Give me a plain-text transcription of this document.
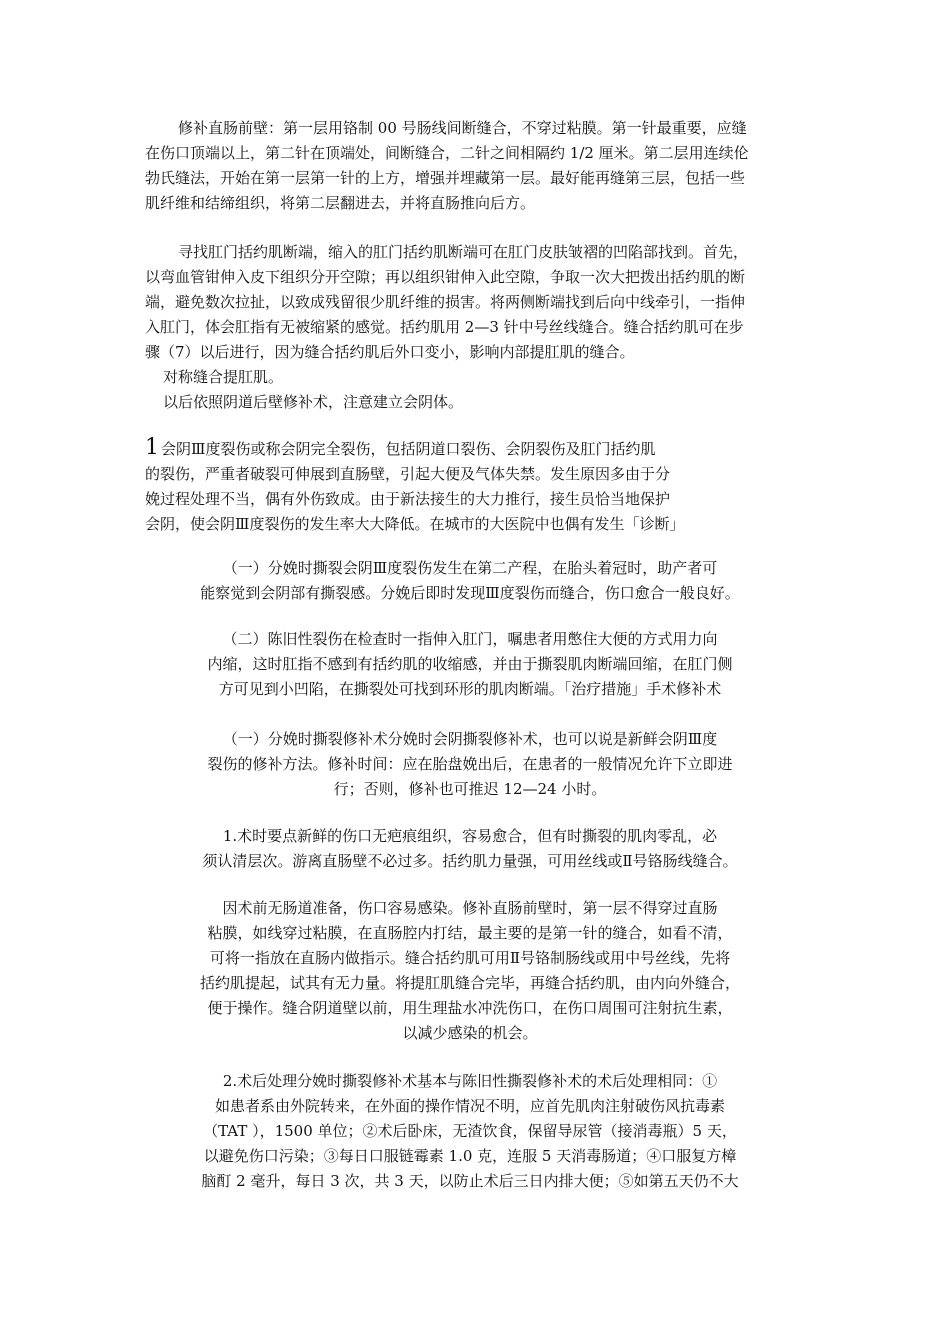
修补直肠前壁：第一层用铬制 00 号肠线间断缝合，不穿过粘膜。第一针最重要，应缝
在伤口顶端以上，第二针在顶端处，间断缝合，二针之间相隔约 1/2 厘米。第二层用连续伦
勃氏缝法，开始在第一层第一针的上方，增强并埋藏第一层。最好能再缝第三层，包括一些
肌纤维和结缔组织，将第二层翻进去，并将直肠推向后方。
寻找肛门括约肌断端，缩入的肛门括约肌断端可在肛门皮肤皱褶的凹陷部找到。首先，
以弯血管钳伸入皮下组织分开空隙；再以组织钳伸入此空隙，争取一次大把拨出括约肌的断
端，避免数次拉扯，以致成残留很少肌纤维的损害。将两侧断端找到后向中线牵引，一指伸
入肛门，体会肛指有无被缩紧的感觉。括约肌用 2—3 针中号丝线缝合。缝合括约肌可在步
骤（7）以后进行，因为缝合括约肌后外口变小，影响内部提肛肌的缝合。
对称缝合提肛肌。
以后依照阴道后壁修补术，注意建立会阴体。
1 会阴Ⅲ度裂伤或称会阴完全裂伤，包括阴道口裂伤、会阴裂伤及肛门括约肌
的裂伤，严重者破裂可伸展到直肠壁，引起大便及气体失禁。发生原因多由于分
娩过程处理不当，偶有外伤致成。由于新法接生的大力推行，接生员恰当地保护
会阴，使会阴Ⅲ度裂伤的发生率大大降低。在城市的大医院中也偶有发生「诊断」
（一）分娩时撕裂会阴Ⅲ度裂伤发生在第二产程，在胎头着冠时，助产者可
能察觉到会阴部有撕裂感。分娩后即时发现Ⅲ度裂伤而缝合，伤口愈合一般良好。
（二）陈旧性裂伤在检查时一指伸入肛门，嘱患者用憋住大便的方式用力向
内缩，这时肛指不感到有括约肌的收缩感，并由于撕裂肌肉断端回缩，在肛门侧
方可见到小凹陷，在撕裂处可找到环形的肌肉断端。「治疗措施」手术修补术
（一）分娩时撕裂修补术分娩时会阴撕裂修补术，也可以说是新鲜会阴Ⅲ度
裂伤的修补方法。修补时间：应在胎盘娩出后，在患者的一般情况允许下立即进
行；否则，修补也可推迟 12—24 小时。
1.术时要点新鲜的伤口无疤痕组织，容易愈合，但有时撕裂的肌肉零乱，必
须认清层次。游离直肠壁不必过多。括约肌力量强，可用丝线或Ⅱ号铬肠线缝合。
因术前无肠道准备，伤口容易感染。修补直肠前壁时，第一层不得穿过直肠
粘膜，如线穿过粘膜，在直肠腔内打结，最主要的是第一针的缝合，如看不清，
可将一指放在直肠内做指示。缝合括约肌可用Ⅱ号铬制肠线或用中号丝线，先将
括约肌提起，试其有无力量。将提肛肌缝合完毕，再缝合括约肌，由内向外缝合，
便于操作。缝合阴道壁以前，用生理盐水冲洗伤口，在伤口周围可注射抗生素，
以减少感染的机会。
2.术后处理分娩时撕裂修补术基本与陈旧性撕裂修补术的术后处理相同：①
如患者系由外院转来，在外面的操作情况不明，应首先肌肉注射破伤风抗毒素
（TAT ），1500 单位；②术后卧床，无渣饮食，保留导尿管（接消毒瓶）5 天，
以避免伤口污染；③每日口服链霉素 1.0 克，连服 5 天消毒肠道；④口服复方樟
脑酊 2 毫升，每日 3 次，共 3 天，以防止术后三日内排大便；⑤如第五天仍不大
